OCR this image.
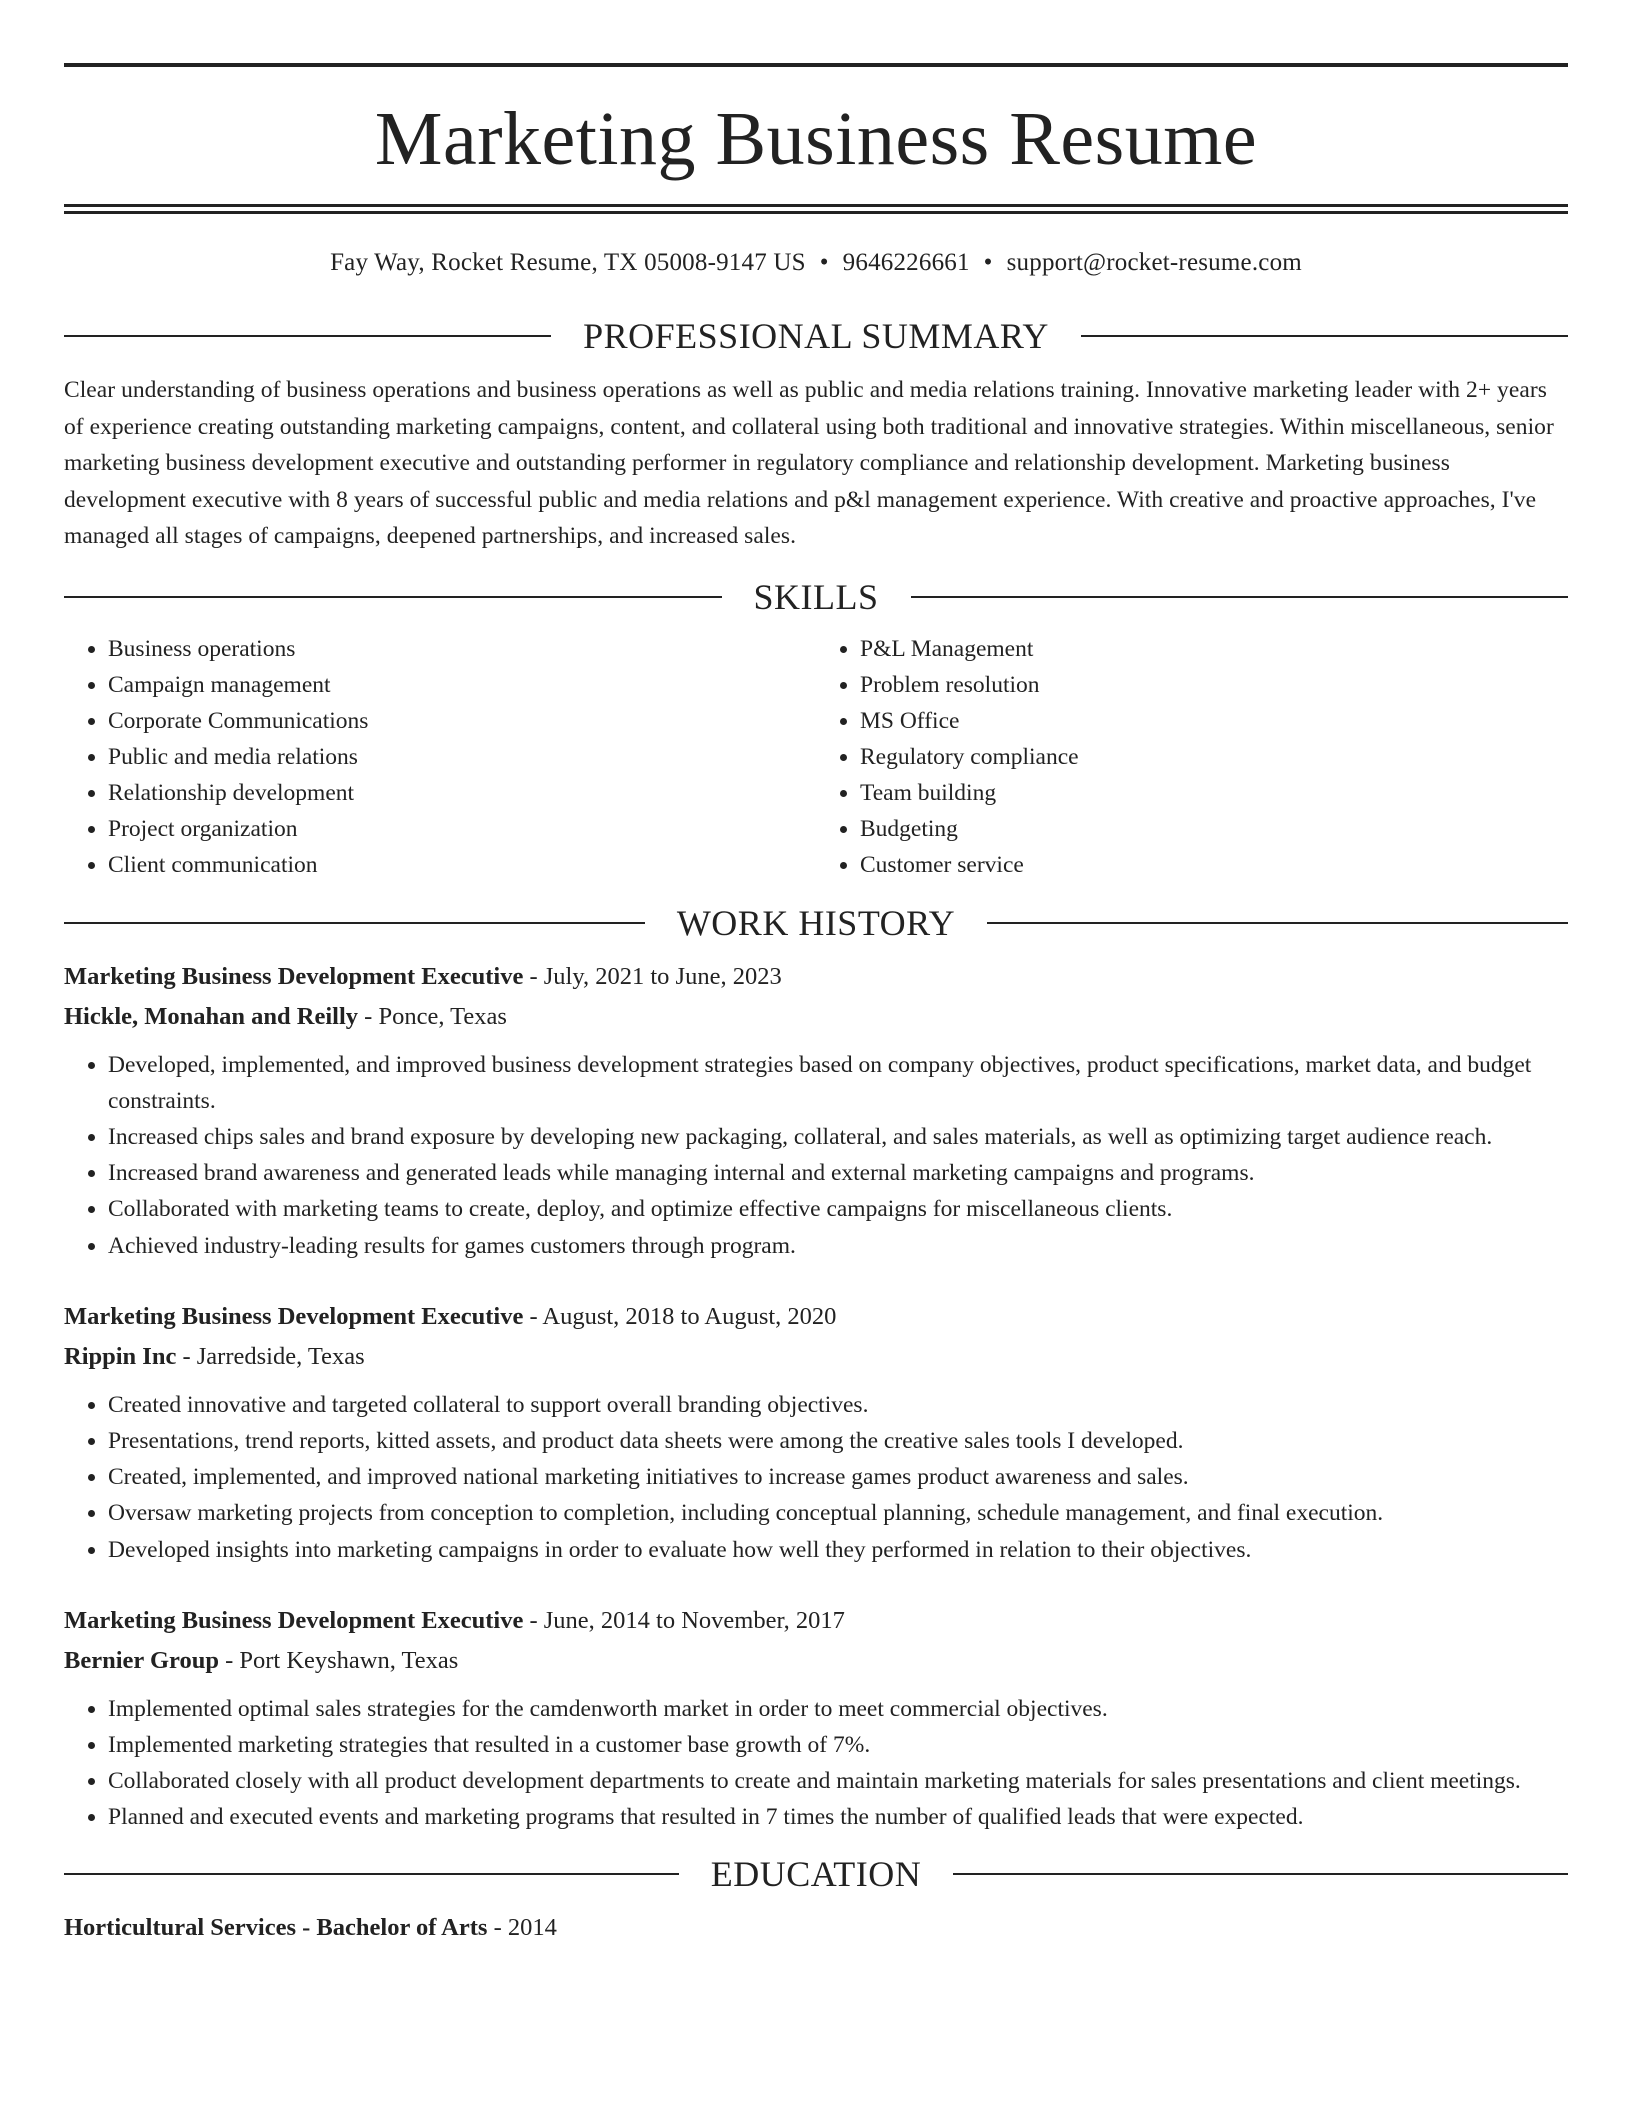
Marketing Business Resume
Fay Way, Rocket Resume, TX 05008-9147 US • 9646226661 • support@rocket-resume.com
PROFESSIONAL SUMMARY

Clear understanding of business operations and business operations as well as public and media relations training. Innovative marketing leader with 2+ years of experience creating outstanding marketing campaigns, content, and collateral using both traditional and innovative strategies. Within miscellaneous, senior marketing business development executive and outstanding performer in regulatory compliance and relationship development. Marketing business development executive with 8 years of successful public and media relations and p&l management experience. With creative and proactive approaches, I've managed all stages of campaigns, deepened partnerships, and increased sales.

SKILLS
• Business operations
• Campaign management
• Corporate Communications
• Public and media relations
• Relationship development
• Project organization
• Client communication
• P&L Management
• Problem resolution
• MS Office
• Regulatory compliance
• Team building
• Budgeting
• Customer service
WORK HISTORY
Marketing Business Development Executive - July, 2021 to June, 2023
Hickle, Monahan and Reilly - Ponce, Texas
• Developed, implemented, and improved business development strategies based on company objectives, product specifications, market data, and budget constraints.
• Increased chips sales and brand exposure by developing new packaging, collateral, and sales materials, as well as optimizing target audience reach.
• Increased brand awareness and generated leads while managing internal and external marketing campaigns and programs.
• Collaborated with marketing teams to create, deploy, and optimize effective campaigns for miscellaneous clients.
• Achieved industry-leading results for games customers through program.
Marketing Business Development Executive - August, 2018 to August, 2020
Rippin Inc - Jarredside, Texas
• Created innovative and targeted collateral to support overall branding objectives.
• Presentations, trend reports, kitted assets, and product data sheets were among the creative sales tools I developed.
• Created, implemented, and improved national marketing initiatives to increase games product awareness and sales.
• Oversaw marketing projects from conception to completion, including conceptual planning, schedule management, and final execution.
• Developed insights into marketing campaigns in order to evaluate how well they performed in relation to their objectives.
Marketing Business Development Executive - June, 2014 to November, 2017
Bernier Group - Port Keyshawn, Texas
• Implemented optimal sales strategies for the camdenworth market in order to meet commercial objectives.
• Implemented marketing strategies that resulted in a customer base growth of 7%.
• Collaborated closely with all product development departments to create and maintain marketing materials for sales presentations and client meetings.
• Planned and executed events and marketing programs that resulted in 7 times the number of qualified leads that were expected.
EDUCATION
Horticultural Services - Bachelor of Arts - 2014
